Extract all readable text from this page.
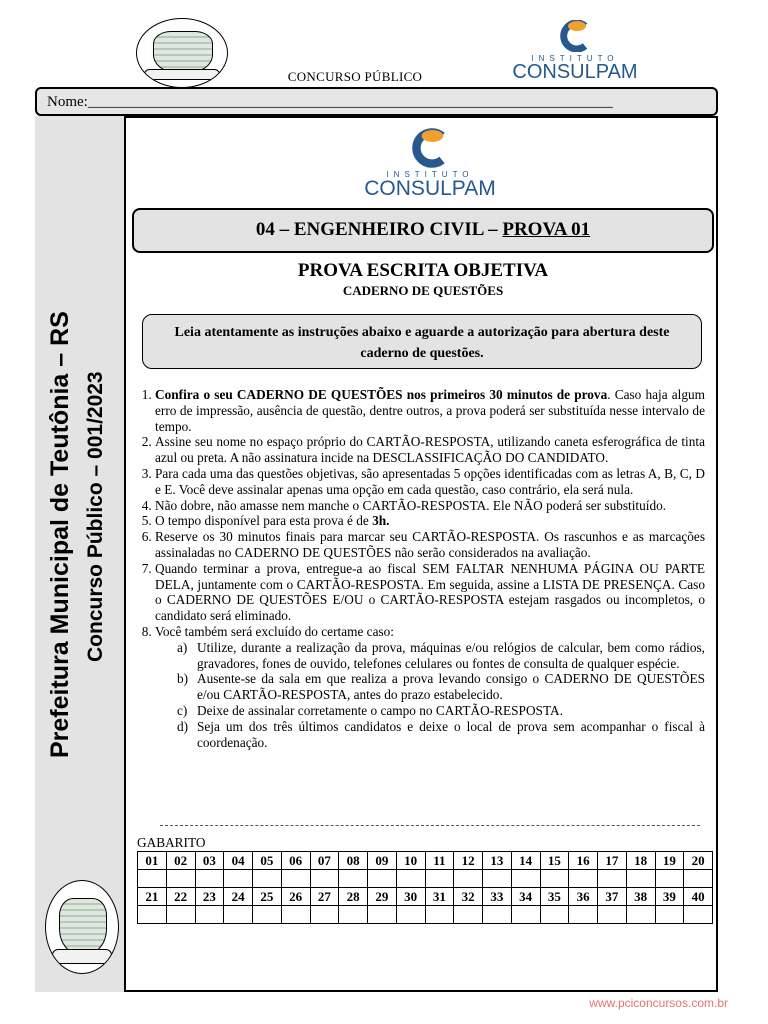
CONCURSO PÚBLICO
INSTITUTO
CONSULPAM
Nome:______________________________________________________________________
Prefeitura Municipal de Teutônia – RS Concurso Público – 001/2023
INSTITUTO
CONSULPAM
04 – ENGENHEIRO CIVIL – PROVA 01
PROVA ESCRITA OBJETIVA
CADERNO DE QUESTÕES
Leia atentamente as instruções abaixo e aguarde a autorização para abertura deste caderno de questões.
1. Confira o seu CADERNO DE QUESTÕES nos primeiros 30 minutos de prova. Caso haja algum erro de impressão, ausência de questão, dentre outros, a prova poderá ser substituída nesse intervalo de tempo.
2. Assine seu nome no espaço próprio do CARTÃO-RESPOSTA, utilizando caneta esferográfica de tinta azul ou preta. A não assinatura incide na DESCLASSIFICAÇÃO DO CANDIDATO.
3. Para cada uma das questões objetivas, são apresentadas 5 opções identificadas com as letras A, B, C, D e E. Você deve assinalar apenas uma opção em cada questão, caso contrário, ela será nula.
4. Não dobre, não amasse nem manche o CARTÃO-RESPOSTA. Ele NÃO poderá ser substituído.
5. O tempo disponível para esta prova é de 3h.
6. Reserve os 30 minutos finais para marcar seu CARTÃO-RESPOSTA. Os rascunhos e as marcações assinaladas no CADERNO DE QUESTÕES não serão considerados na avaliação.
7. Quando terminar a prova, entregue-a ao fiscal SEM FALTAR NENHUMA PÁGINA OU PARTE DELA, juntamente com o CARTÃO-RESPOSTA. Em seguida, assine a LISTA DE PRESENÇA. Caso o CADERNO DE QUESTÕES E/OU o CARTÃO-RESPOSTA estejam rasgados ou incompletos, o candidato será eliminado.
8. Você também será excluído do certame caso:
a) Utilize, durante a realização da prova, máquinas e/ou relógios de calcular, bem como rádios, gravadores, fones de ouvido, telefones celulares ou fontes de consulta de qualquer espécie.
b) Ausente-se da sala em que realiza a prova levando consigo o CADERNO DE QUESTÕES e/ou CARTÃO-RESPOSTA, antes do prazo estabelecido.
c) Deixe de assinalar corretamente o campo no CARTÃO-RESPOSTA.
d) Seja um dos três últimos candidatos e deixe o local de prova sem acompanhar o fiscal à coordenação.
GABARITO
01	02	03	04	05	06	07	08	09	10	11	12	13	14	15	16	17	18	19	20

21	22	23	24	25	26	27	28	29	30	31	32	33	34	35	36	37	38	39	40

www.pciconcursos.com.br
